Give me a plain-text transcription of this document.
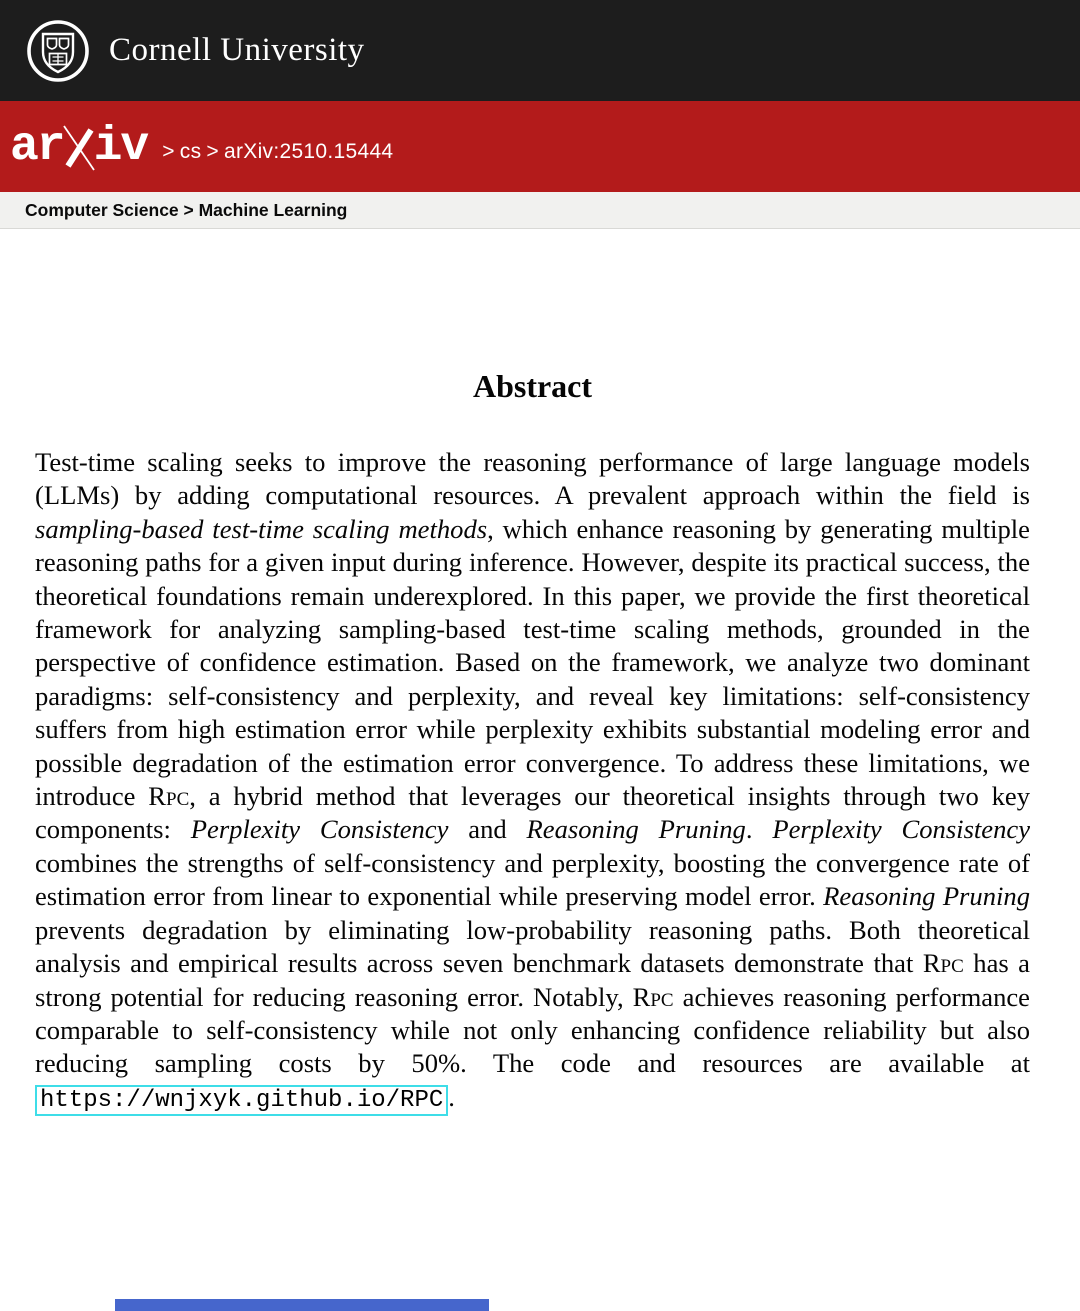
Cornell University
ar iv > cs > arXiv:2510.15444
Computer Science > Machine Learning
Abstract

Test-time scaling seeks to improve the reasoning performance of large language models (LLMs) by adding computational resources. A prevalent approach within the field is sampling-based test-time scaling methods, which enhance reasoning by generating multiple reasoning paths for a given input during inference. However, despite its practical success, the theoretical foundations remain underexplored. In this paper, we provide the first theoretical framework for analyzing sampling-based test-time scaling methods, grounded in the perspective of confidence estimation. Based on the framework, we analyze two dominant paradigms: self-consistency and perplexity, and reveal key limitations: self-consistency suffers from high estimation error while perplexity exhibits substantial modeling error and possible degradation of the estimation error convergence. To address these limitations, we introduce Rpc, a hybrid method that leverages our theoretical insights through two key components: Perplexity Consistency and Reasoning Pruning. Perplexity Consistency combines the strengths of self-consistency and perplexity, boosting the convergence rate of estimation error from linear to exponential while preserving model error. Reasoning Pruning prevents degradation by eliminating low-probability reasoning paths. Both theoretical analysis and empirical results across seven benchmark datasets demonstrate that Rpc has a strong potential for reducing reasoning error. Notably, Rpc achieves reasoning performance comparable to self-consistency while not only enhancing confidence reliability but also reducing sampling costs by 50%. The code and resources are available at https://wnjxyk.github.io/RPC .
